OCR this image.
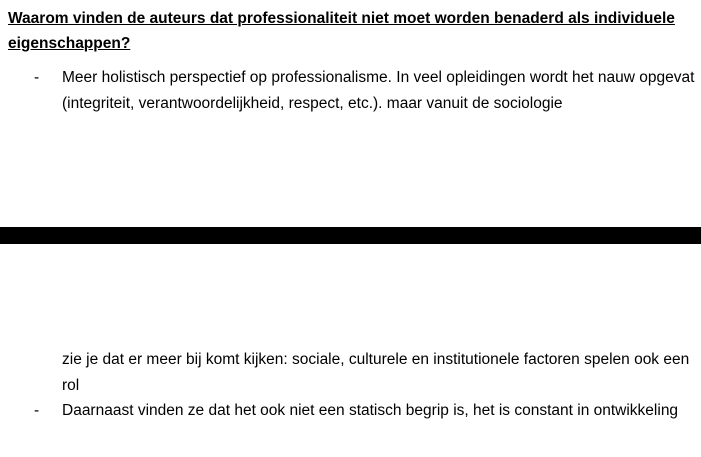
Waarom vinden de auteurs dat professionaliteit niet moet worden benaderd als individuele eigenschappen?
- Meer holistisch perspectief op professionalisme. In veel opleidingen wordt het nauw opgevat (integriteit, verantwoordelijkheid, respect, etc.). maar vanuit de sociologie
zie je dat er meer bij komt kijken: sociale, culturele en institutionele factoren spelen ook een rol
- Daarnaast vinden ze dat het ook niet een statisch begrip is, het is constant in ontwikkeling
